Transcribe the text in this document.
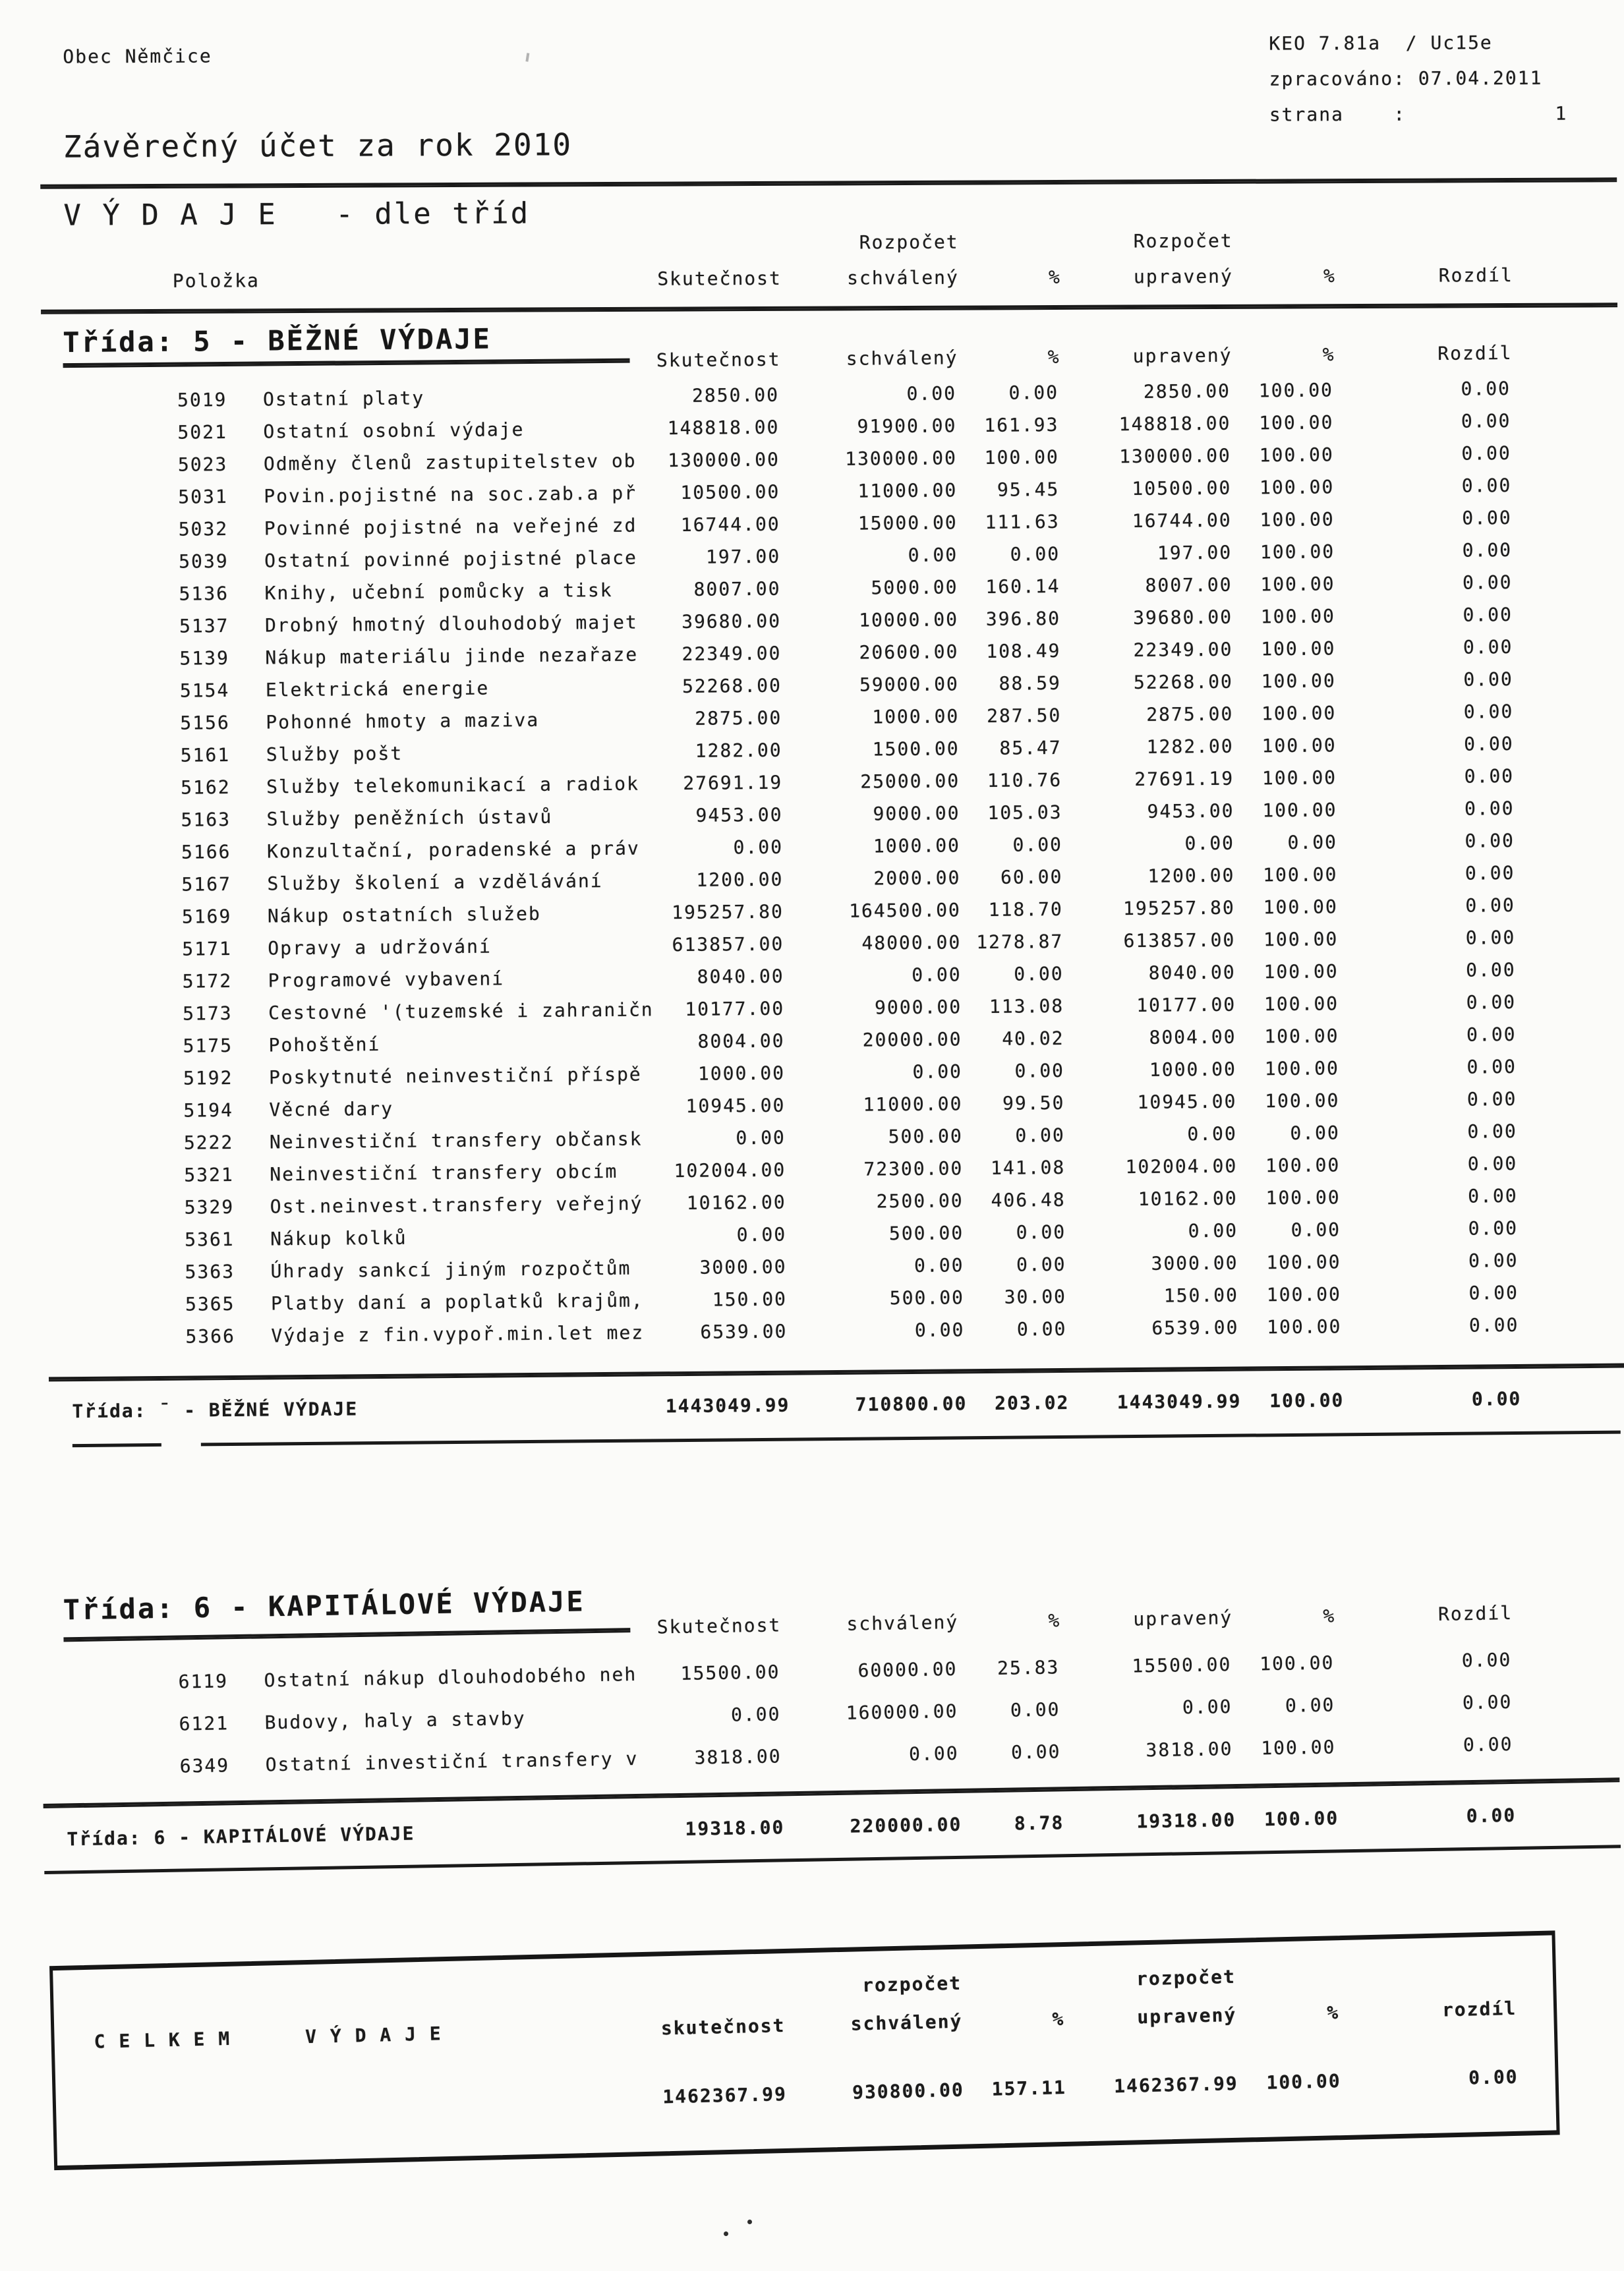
Obec Němčice
KEO 7.81a  / Uc15e
zpracováno: 07.04.2011
strana    :            1
Závěrečný účet za rok 2010
V Ý D A J E   - dle tříd
Rozpočet	Rozpočet
Položka	Skutečnost	schválený	%	upravený	%	Rozdíl
Třída: 5 - BĚŽNÉ VÝDAJE
Skutečnost	schválený	%	upravený	%	Rozdíl
5019	Ostatní platy	2850.00	0.00	0.00	2850.00	100.00	0.00
5021	Ostatní osobní výdaje	148818.00	91900.00	161.93	148818.00	100.00	0.00
5023	Odměny členů zastupitelstev ob	130000.00	130000.00	100.00	130000.00	100.00	0.00
5031	Povin.pojistné na soc.zab.a př	10500.00	11000.00	95.45	10500.00	100.00	0.00
5032	Povinné pojistné na veřejné zd	16744.00	15000.00	111.63	16744.00	100.00	0.00
5039	Ostatní povinné pojistné place	197.00	0.00	0.00	197.00	100.00	0.00
5136	Knihy, učební pomůcky a tisk	8007.00	5000.00	160.14	8007.00	100.00	0.00
5137	Drobný hmotný dlouhodobý majet	39680.00	10000.00	396.80	39680.00	100.00	0.00
5139	Nákup materiálu jinde nezařaze	22349.00	20600.00	108.49	22349.00	100.00	0.00
5154	Elektrická energie	52268.00	59000.00	88.59	52268.00	100.00	0.00
5156	Pohonné hmoty a maziva	2875.00	1000.00	287.50	2875.00	100.00	0.00
5161	Služby pošt	1282.00	1500.00	85.47	1282.00	100.00	0.00
5162	Služby telekomunikací a radiok	27691.19	25000.00	110.76	27691.19	100.00	0.00
5163	Služby peněžních ústavů	9453.00	9000.00	105.03	9453.00	100.00	0.00
5166	Konzultační, poradenské a práv	0.00	1000.00	0.00	0.00	0.00	0.00
5167	Služby školení a vzdělávání	1200.00	2000.00	60.00	1200.00	100.00	0.00
5169	Nákup ostatních služeb	195257.80	164500.00	118.70	195257.80	100.00	0.00
5171	Opravy a udržování	613857.00	48000.00 1278.87	613857.00	100.00	0.00
5172	Programové vybavení	8040.00	0.00	0.00	8040.00	100.00	0.00
5173	Cestovné '(tuzemské i zahraničn	10177.00	9000.00	113.08	10177.00	100.00	0.00
5175	Pohoštění	8004.00	20000.00	40.02	8004.00	100.00	0.00
5192	Poskytnuté neinvestiční příspě	1000.00	0.00	0.00	1000.00	100.00	0.00
5194	Věcné dary	10945.00	11000.00	99.50	10945.00	100.00	0.00
5222	Neinvestiční transfery občansk	0.00	500.00	0.00	0.00	0.00	0.00
5321	Neinvestiční transfery obcím	102004.00	72300.00	141.08	102004.00	100.00	0.00
5329	Ost.neinvest.transfery veřejný	10162.00	2500.00	406.48	10162.00	100.00	0.00
5361	Nákup kolků	0.00	500.00	0.00	0.00	0.00	0.00
5363	Úhrady sankcí jiným rozpočtům	3000.00	0.00	0.00	3000.00	100.00	0.00
5365	Platby daní a poplatků krajům,	150.00	500.00	30.00	150.00	100.00	0.00
5366	Výdaje z fin.vypoř.min.let mez	6539.00	0.00	0.00	6539.00	100.00	0.00
Třída: ˉ - BĚŽNÉ VÝDAJE	1443049.99	710800.00	203.02	1443049.99	100.00	0.00
Třída: 6 - KAPITÁLOVÉ VÝDAJE
Skutečnost	schválený	%	upravený	%	Rozdíl
6119	Ostatní nákup dlouhodobého neh	15500.00	60000.00	25.83	15500.00	100.00	0.00
6121	Budovy, haly a stavby	0.00	160000.00	0.00	0.00	0.00	0.00
6349	Ostatní investiční transfery v	3818.00	0.00	0.00	3818.00	100.00	0.00
Třída: 6 - KAPITÁLOVÉ VÝDAJE	19318.00	220000.00	8.78	19318.00	100.00	0.00
rozpočet	rozpočet
C E L K E M      V Ý D A J E	skutečnost	schválený	%	upravený	%	rozdíl
1462367.99	930800.00	157.11	1462367.99	100.00	0.00
